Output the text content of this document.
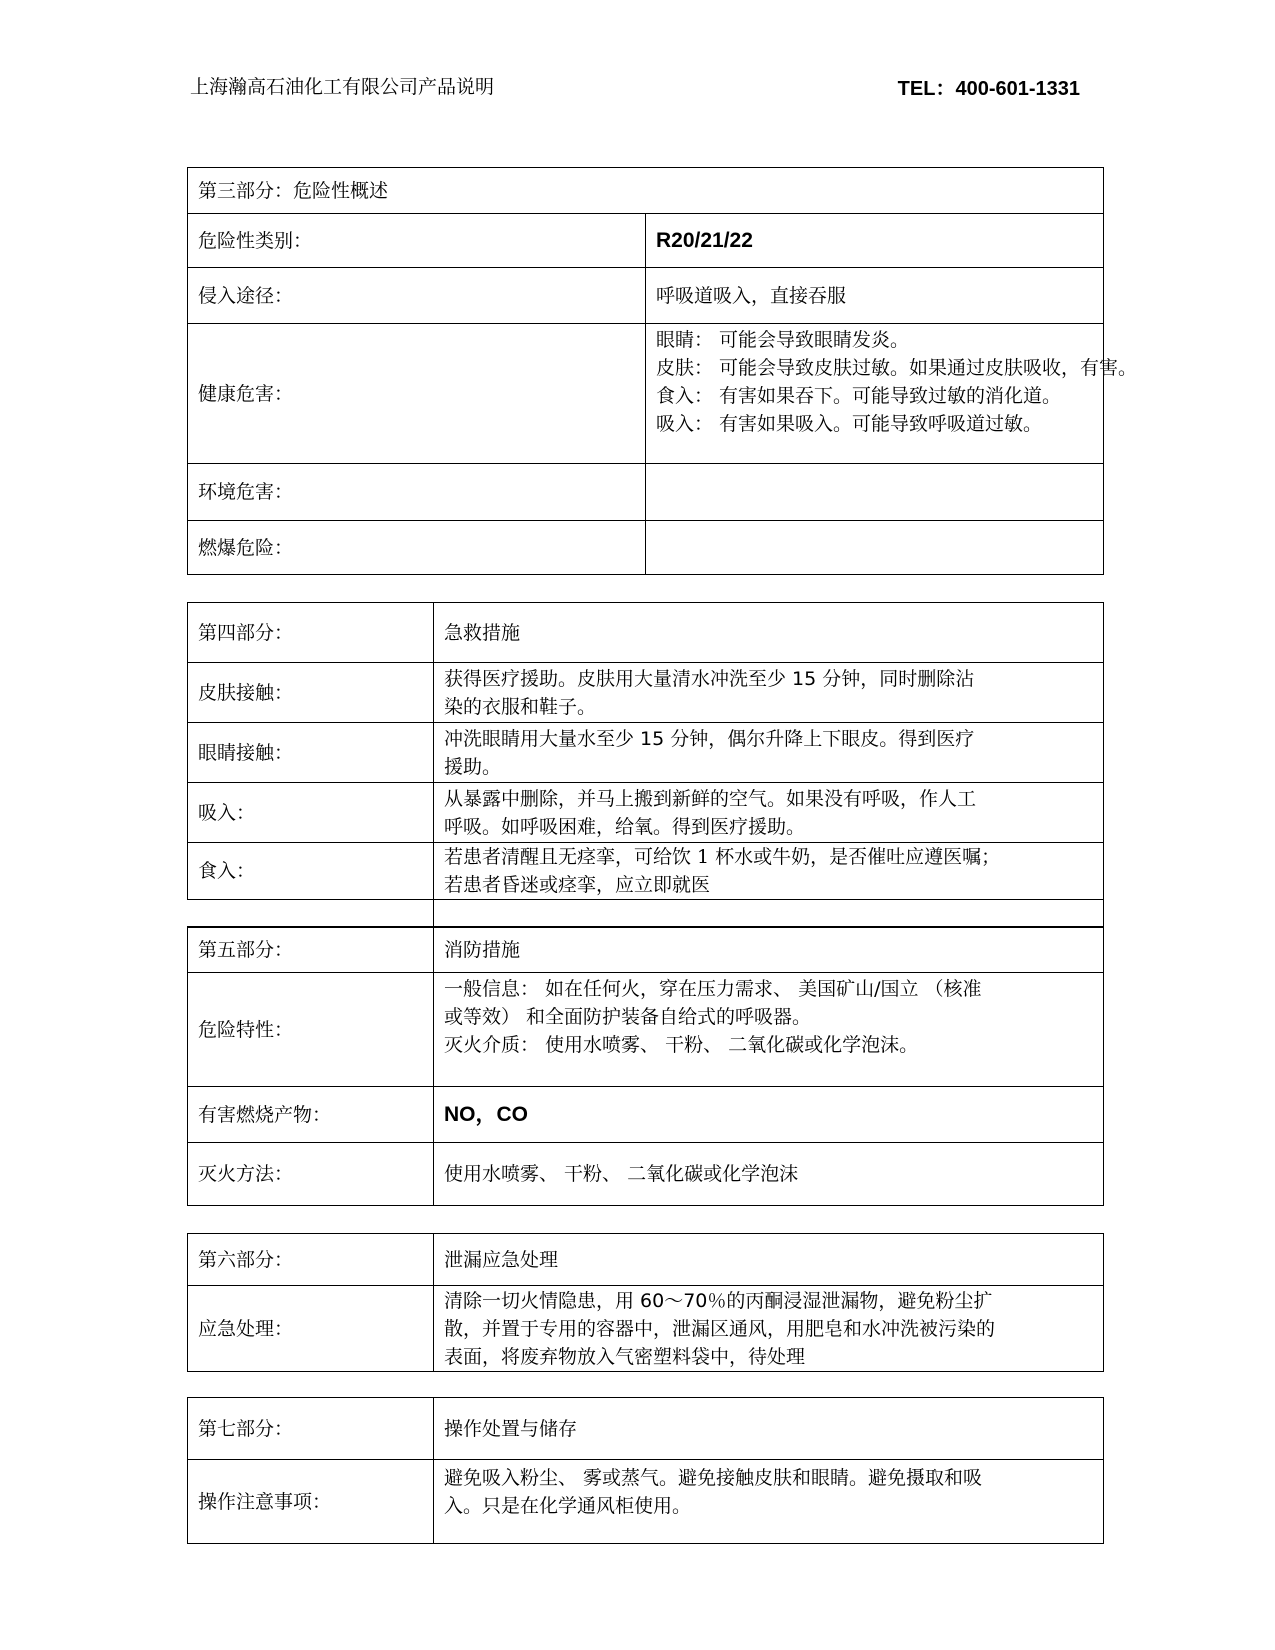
上海瀚高石油化工有限公司产品说明	TEL：400-601-1331
第三部分：危险性概述	
危险性类别：	R20/21/22
侵入途径：	呼吸道吸入，直接吞服
健康危害：	眼睛： 可能会导致眼睛发炎。
皮肤： 可能会导致皮肤过敏。如果通过皮肤吸收，有害。
食入： 有害如果吞下。可能导致过敏的消化道。
吸入： 有害如果吸入。可能导致呼吸道过敏。

环境危害：	
燃爆危险：	
第四部分：	急救措施
皮肤接触：	获得医疗援助。皮肤用大量清水冲洗至少 15 分钟，同时删除沾
染的衣服和鞋子。

眼睛接触：	冲洗眼睛用大量水至少 15 分钟，偶尔升降上下眼皮。得到医疗
援助。

吸入：	从暴露中删除，并马上搬到新鲜的空气。如果没有呼吸，作人工
呼吸。如呼吸困难，给氧。得到医疗援助。

食入：	若患者清醒且无痉挛，可给饮 1 杯水或牛奶，是否催吐应遵医嘱；
若患者昏迷或痉挛，应立即就医

第五部分：	消防措施
危险特性：	一般信息： 如在任何火，穿在压力需求、 美国矿山/国立 （核准
或等效） 和全面防护装备自给式的呼吸器。
灭火介质： 使用水喷雾、 干粉、 二氧化碳或化学泡沫。

有害燃烧产物：	NO，CO
灭火方法：	使用水喷雾、 干粉、 二氧化碳或化学泡沫
第六部分：	泄漏应急处理
应急处理：	清除一切火情隐患，用 60～70％的丙酮浸湿泄漏物，避免粉尘扩
散，并置于专用的容器中，泄漏区通风，用肥皂和水冲洗被污染的
表面，将废弃物放入气密塑料袋中，待处理
第七部分：	操作处置与储存
操作注意事项：	避免吸入粉尘、 雾或蒸气。避免接触皮肤和眼睛。避免摄取和吸
入。只是在化学通风柜使用。
